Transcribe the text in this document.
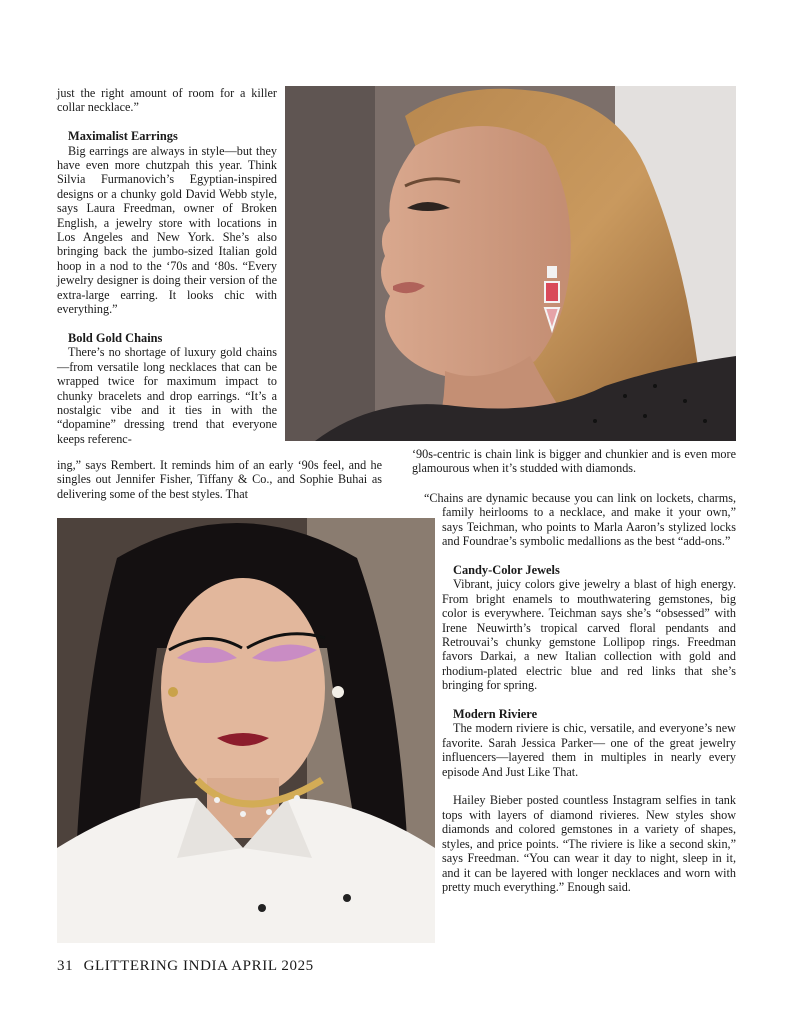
just the right amount of room for a killer collar necklace.”

Maximalist Earrings

Big earrings are always in style—but they have even more chutzpah this year. Think Silvia Furmanovich’s Egyptian-inspired designs or a chunky gold David Webb style, says Laura Freedman, owner of Broken English, a jewelry store with locations in Los Angeles and New York. She’s also bringing back the jumbo-sized Italian gold hoop in a nod to the ‘70s and ‘80s. “Every jewelry designer is doing their version of the extra-large earring. It looks chic with everything.”

Bold Gold Chains

There’s no shortage of luxury gold chains—from versatile long necklaces that can be wrapped twice for maximum impact to chunky bracelets and drop earrings. “It’s a nostalgic vibe and it ties in with the “dopamine” dressing trend that everyone keeps referenc-

ing,” says Rembert. It reminds him of an early ‘90s feel, and he singles out Jennifer Fisher, Tiffany & Co., and Sophie Buhai as delivering some of the best styles. That

‘90s-centric is chain link is bigger and chunkier and is even more glamourous when it’s studded with diamonds.

“Chains are dynamic because you can link on lockets, charms, family heirlooms to a necklace, and make it your own,” says Teichman, who points to Marla Aaron’s stylized locks and Foundrae’s symbolic medallions as the best “add-ons.”

Candy-Color Jewels

Vibrant, juicy colors give jewelry a blast of high energy. From bright enamels to mouthwatering gemstones, big color is everywhere. Teichman says she’s “obsessed” with Irene Neuwirth’s tropical carved floral pendants and Retrouvai’s chunky gemstone Lollipop rings. Freedman favors Darkai, a new Italian collection with gold and rhodium-plated electric blue and red links that she’s bringing for spring.

Modern Riviere

The modern riviere is chic, versatile, and everyone’s new favorite. Sarah Jessica Parker— one of the great jewelry influencers—layered them in multiples in nearly every episode And Just Like That.

Hailey Bieber posted countless Instagram selfies in tank tops with layers of diamond rivieres. New styles show diamonds and colored gemstones in a variety of shapes, styles, and price points. “The riviere is like a second skin,” says Freedman. “You can wear it day to night, sleep in it, and it can be layered with longer necklaces and worn with pretty much everything.” Enough said.

31 GLITTERING INDIA APRIL 2025
